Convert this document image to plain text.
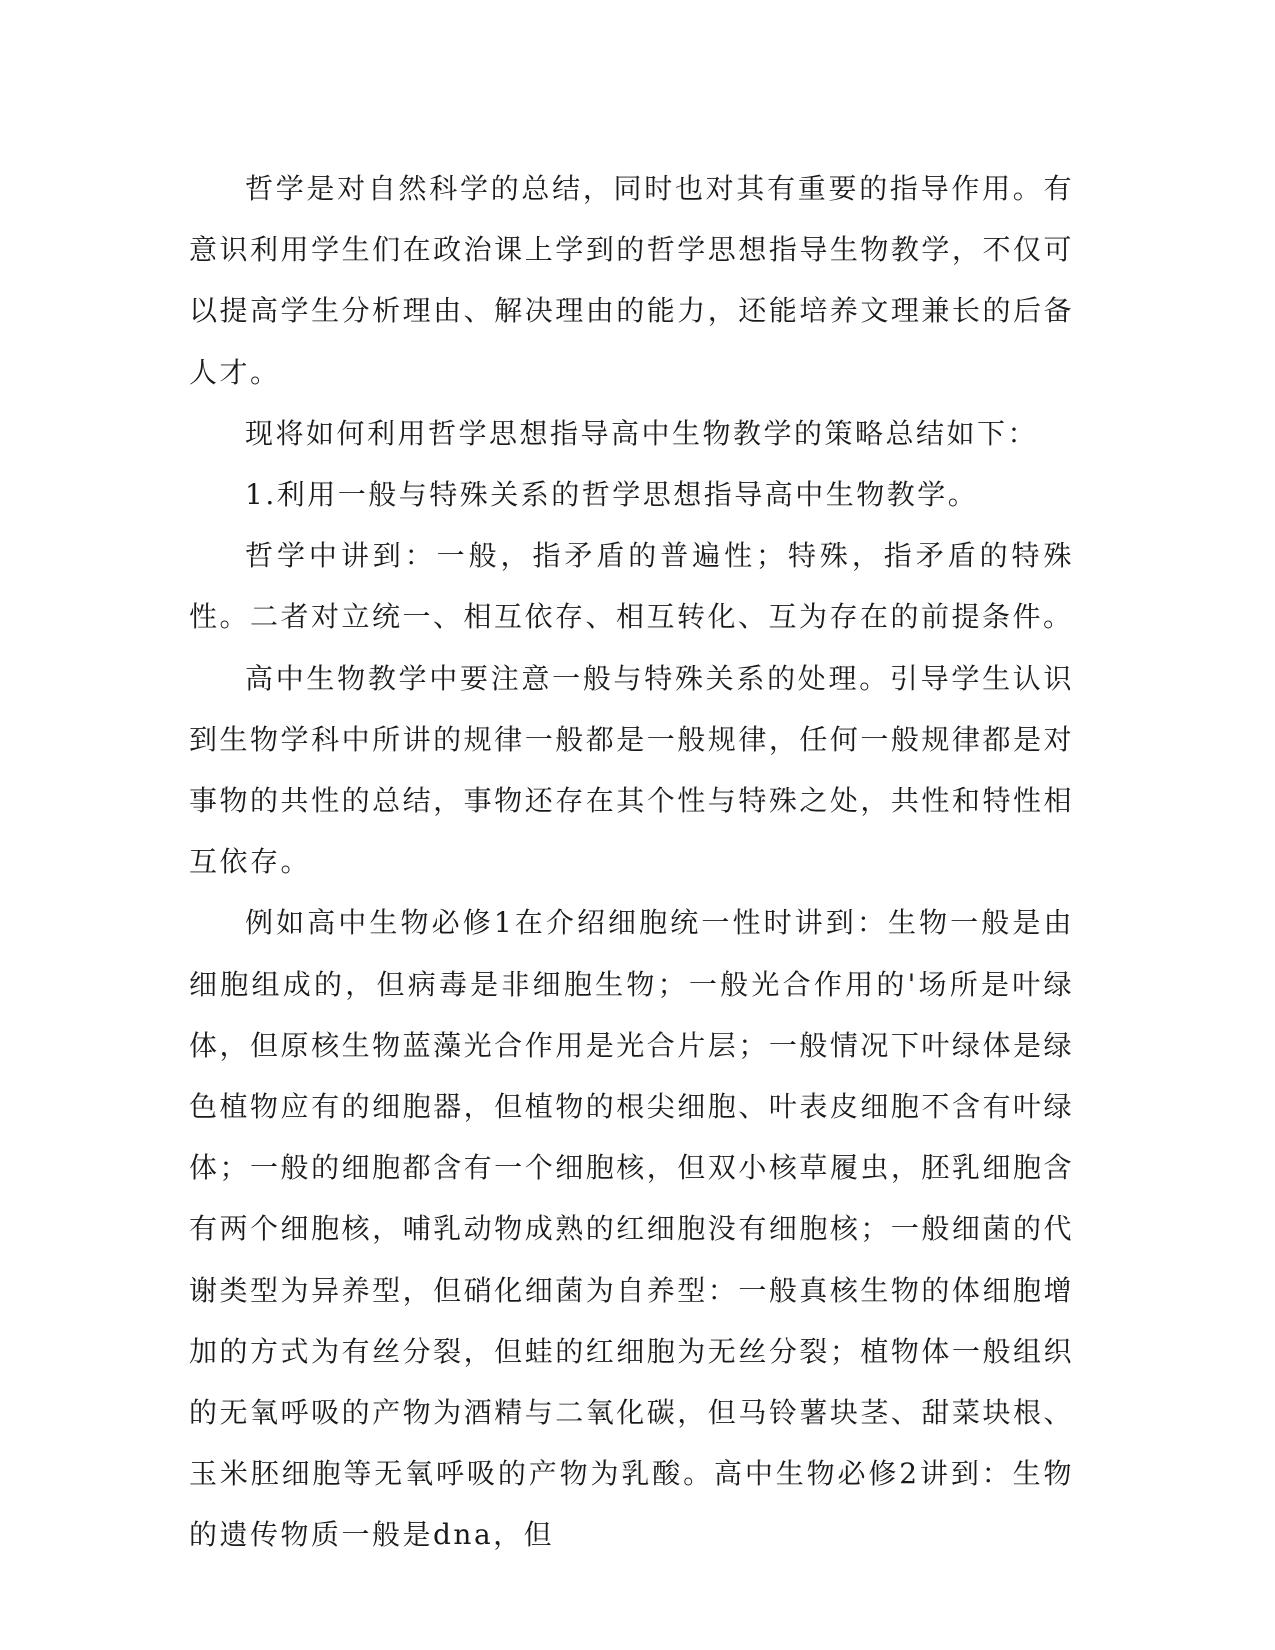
哲学是对自然科学的总结，同时也对其有重要的指导作用。有意识利用学生们在政治课上学到的哲学思想指导生物教学，不仅可以提高学生分析理由、解决理由的能力，还能培养文理兼长的后备人才。

现将如何利用哲学思想指导高中生物教学的策略总结如下：

1.利用一般与特殊关系的哲学思想指导高中生物教学。

哲学中讲到：一般，指矛盾的普遍性；特殊，指矛盾的特殊性。二者对立统一、相互依存、相互转化、互为存在的前提条件。

高中生物教学中要注意一般与特殊关系的处理。引导学生认识到生物学科中所讲的规律一般都是一般规律，任何一般规律都是对事物的共性的总结，事物还存在其个性与特殊之处，共性和特性相互依存。

例如高中生物必修1在介绍细胞统一性时讲到：生物一般是由细胞组成的，但病毒是非细胞生物；一般光合作用的'场所是叶绿体，但原核生物蓝藻光合作用是光合片层；一般情况下叶绿体是绿色植物应有的细胞器，但植物的根尖细胞、叶表皮细胞不含有叶绿体；一般的细胞都含有一个细胞核，但双小核草履虫，胚乳细胞含有两个细胞核，哺乳动物成熟的红细胞没有细胞核；一般细菌的代谢类型为异养型，但硝化细菌为自养型：一般真核生物的体细胞增加的方式为有丝分裂，但蛙的红细胞为无丝分裂；植物体一般组织的无氧呼吸的产物为酒精与二氧化碳，但马铃薯块茎、甜菜块根、玉米胚细胞等无氧呼吸的产物为乳酸。高中生物必修2讲到：生物的遗传物质一般是dna，但
